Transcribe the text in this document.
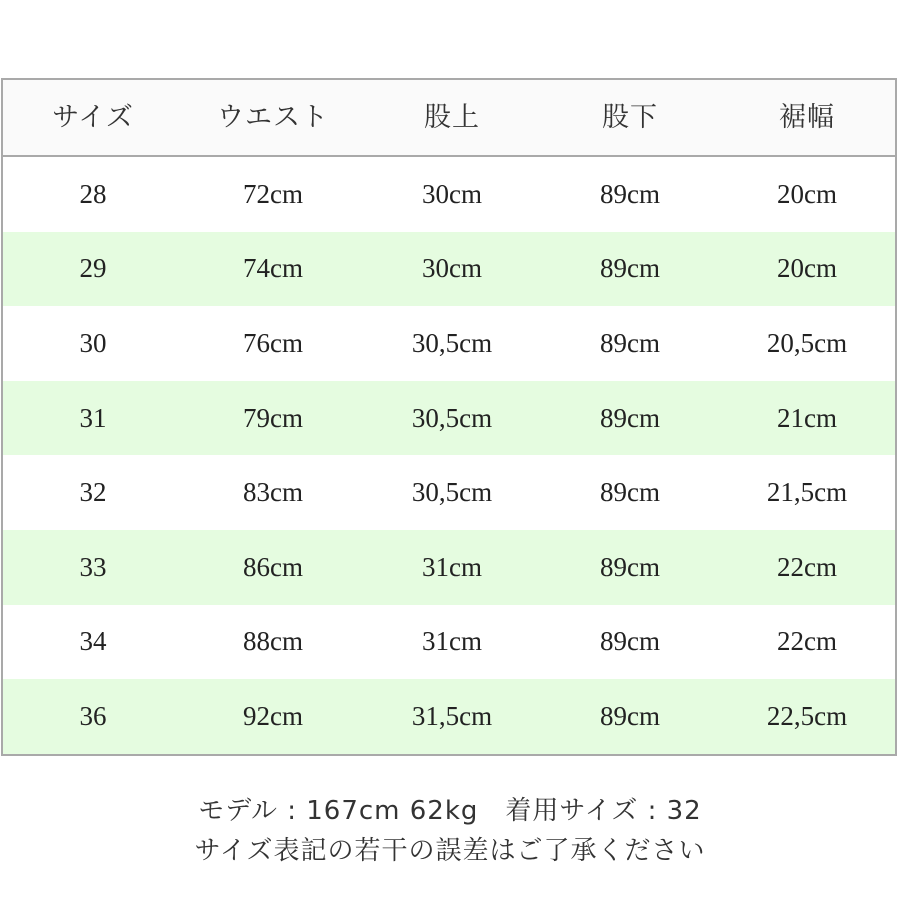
サイズ	ウエスト	股上	股下	裾幅
28	72cm	30cm	89cm	20cm
29	74cm	30cm	89cm	20cm
30	76cm	30,5cm	89cm	20,5cm
31	79cm	30,5cm	89cm	21cm
32	83cm	30,5cm	89cm	21,5cm
33	86cm	31cm	89cm	22cm
34	88cm	31cm	89cm	22cm
36	92cm	31,5cm	89cm	22,5cm
モデル : 167cm 62kg　着用サイズ : 32
サイズ表記の若干の誤差はご了承ください
